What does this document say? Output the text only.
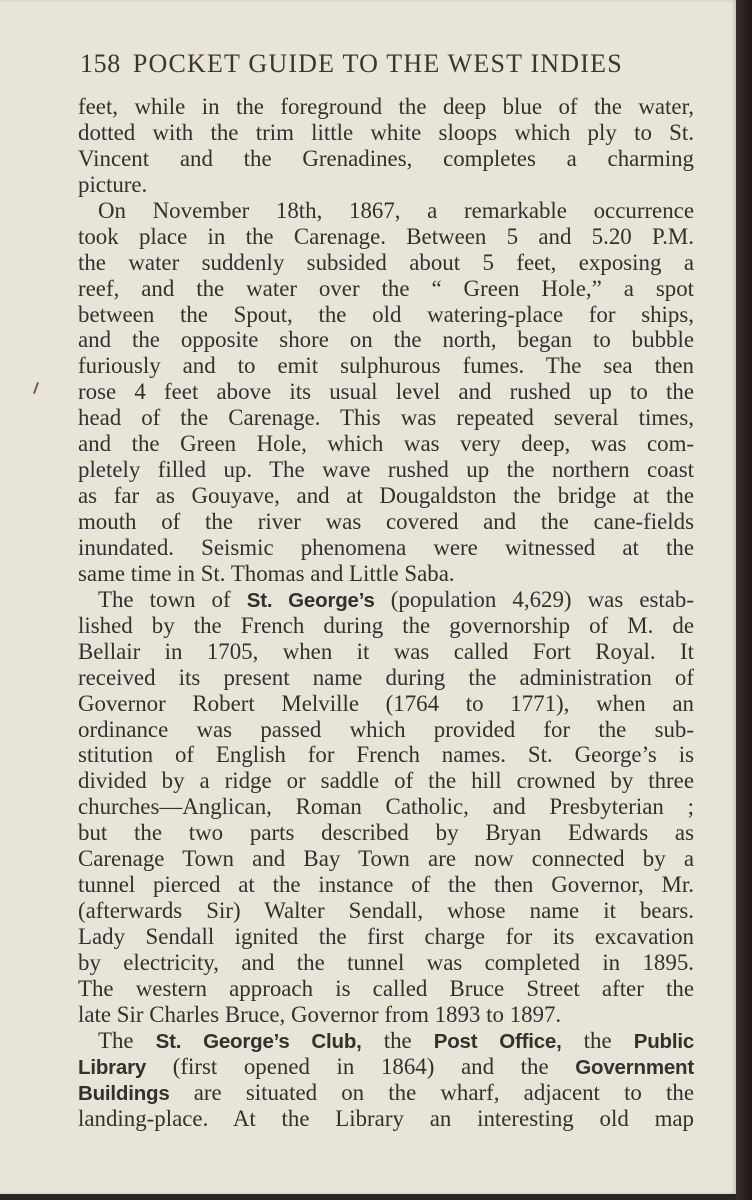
158 POCKET GUIDE TO THE WEST INDIES
feet, while in the foreground the deep blue of the water,
dotted with the trim little white sloops which ply to St.
Vincent and the Grenadines, completes a charming
picture.
On November 18th, 1867, a remarkable occurrence
took place in the Carenage. Between 5 and 5.20 P.M.
the water suddenly subsided about 5 feet, exposing a
reef, and the water over the “ Green Hole,” a spot
between the Spout, the old watering-place for ships,
and the opposite shore on the north, began to bubble
furiously and to emit sulphurous fumes. The sea then
rose 4 feet above its usual level and rushed up to the
head of the Carenage. This was repeated several times,
and the Green Hole, which was very deep, was com-
pletely filled up. The wave rushed up the northern coast
as far as Gouyave, and at Dougaldston the bridge at the
mouth of the river was covered and the cane-fields
inundated. Seismic phenomena were witnessed at the
same time in St. Thomas and Little Saba.
The town of St. George’s (population 4,629) was estab-
lished by the French during the governorship of M. de
Bellair in 1705, when it was called Fort Royal. It
received its present name during the administration of
Governor Robert Melville (1764 to 1771), when an
ordinance was passed which provided for the sub-
stitution of English for French names. St. George’s is
divided by a ridge or saddle of the hill crowned by three
churches—Anglican, Roman Catholic, and Presbyterian ;
but the two parts described by Bryan Edwards as
Carenage Town and Bay Town are now connected by a
tunnel pierced at the instance of the then Governor, Mr.
(afterwards Sir) Walter Sendall, whose name it bears.
Lady Sendall ignited the first charge for its excavation
by electricity, and the tunnel was completed in 1895.
The western approach is called Bruce Street after the
late Sir Charles Bruce, Governor from 1893 to 1897.
The St. George’s Club, the Post Office, the Public
Library (first opened in 1864) and the Government
Buildings are situated on the wharf, adjacent to the
landing-place. At the Library an interesting old map
